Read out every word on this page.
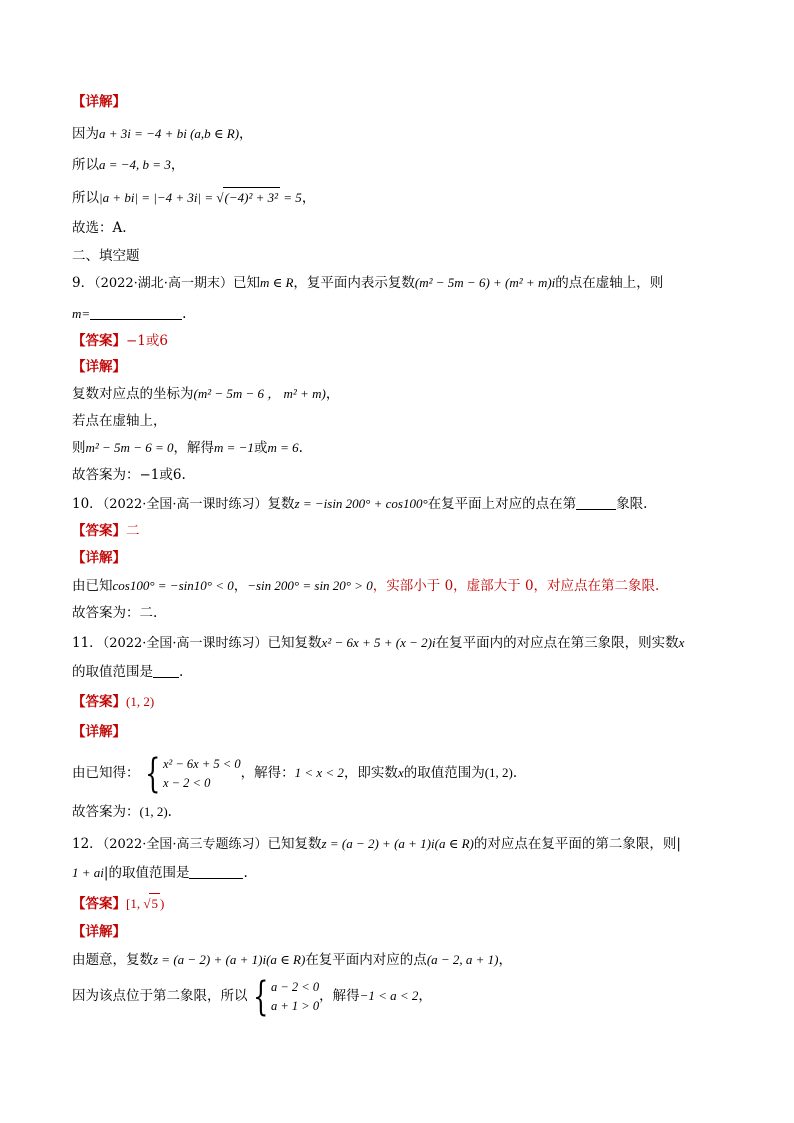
【详解】
因为a + 3i = −4 + bi (a,b ∈ R)，
所以a = −4, b = 3，
所以|a + bi| = |−4 + 3i| = √(−4)² + 3² = 5，
故选：A.
二、填空题
9．（2022·湖北·高一期末）已知m ∈ R，复平面内表示复数(m² − 5m − 6) + (m² + m)i的点在虚轴上，则
m=	.
【答案】−1或6
【详解】
复数对应点的坐标为(m² − 5m − 6 ， m² + m)，
若点在虚轴上，
则m² − 5m − 6 = 0，解得m = −1或m = 6.
故答案为：−1或6.
10．（2022·全国·高一课时练习）复数z = −isin 200° + cos100°在复平面上对应的点在第	象限.
【答案】二
【详解】
由已知cos100° = −sin10° < 0，−sin 200° = sin 20° > 0，实部小于 0，虚部大于 0，对应点在第二象限.
故答案为：二.
11．（2022·全国·高一课时练习）已知复数x² − 6x + 5 + (x − 2)i在复平面内的对应点在第三象限，则实数x
的取值范围是 .
【答案】(1, 2)
【详解】
由已知得： { x² − 6x + 5 < 0
x − 2 < 0
，解得：1 < x < 2，即实数x的取值范围为(1, 2).
故答案为：(1, 2).
12．（2022·全国·高三专题练习）已知复数z = (a − 2) + (a + 1)i(a ∈ R)的对应点在复平面的第二象限，则|
1 + ai|的取值范围是	.
【答案】[1, √5 )
【详解】
由题意，复数z = (a − 2) + (a + 1)i(a ∈ R)在复平面内对应的点(a − 2, a + 1)，
因为该点位于第二象限，所以 { a − 2 < 0
a + 1 > 0
，解得−1 < a < 2，
